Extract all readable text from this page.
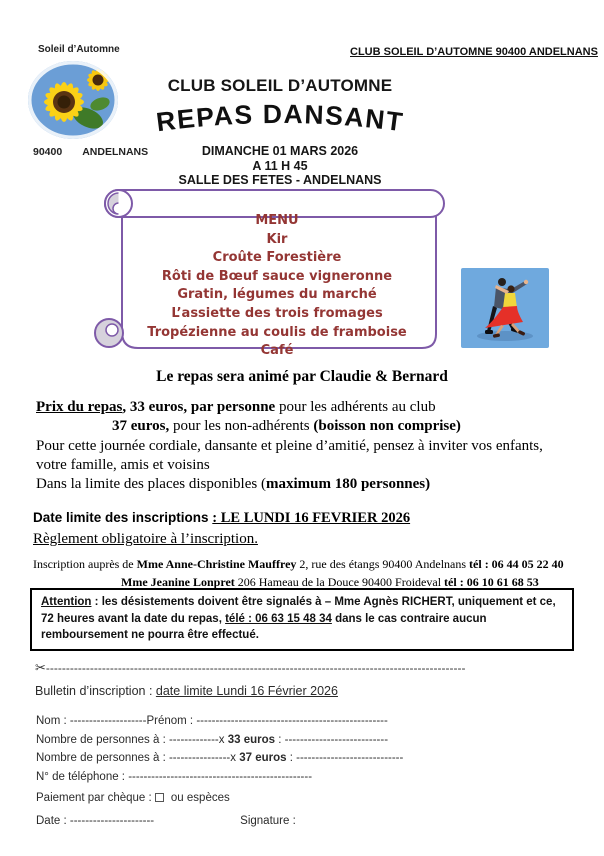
Soleil d’Automne
90400 ANDELNANS
CLUB SOLEIL D’AUTOMNE 90400 ANDELNANS
CLUB SOLEIL D’AUTOMNE
REPAS DANSANT
DIMANCHE 01 MARS 2026
A 11 H 45
SALLE DES FETES - ANDELNANS
MENU
Kir
Croûte Forestière
Rôti de Bœuf sauce vigneronne
Gratin, légumes du marché
L’assiette des trois fromages
Tropézienne au coulis de framboise
Café
Le repas sera animé par Claudie & Bernard
Prix du repas, 33 euros, par personne pour les adhérents au club
37 euros, pour les non-adhérents (boisson non comprise)
Pour cette journée cordiale, dansante et pleine d’amitié, pensez à inviter vos enfants,
votre famille, amis et voisins
Dans la limite des places disponibles (maximum 180 personnes)
Date limite des inscriptions : LE LUNDI 16 FEVRIER 2026
Règlement obligatoire à l’inscription.
Inscription auprès de Mme Anne-Christine Mauffrey 2, rue des étangs 90400 Andelnans tél : 06 44 05 22 40
Mme Jeanine Lonpret 206 Hameau de la Douce 90400 Froideval tél : 06 10 61 68 53
Attention : les désistements doivent être signalés à – Mme Agnès RICHERT, uniquement et ce, 72 heures avant la date du repas, télé : 06 63 15 48 34 dans le cas contraire aucun remboursement ne pourra être effectué.
✂---------------------------------------------------------------------------------------------------------
Bulletin d’inscription : date limite Lundi 16 Février 2026
Nom : --------------------Prénom : --------------------------------------------------
Nombre de personnes à : -------------x 33 euros : ---------------------------
Nombre de personnes à : ----------------x 37 euros : ----------------------------
N° de téléphone : ------------------------------------------------
Paiement par chèque : ou espèces
Date : ----------------------	Signature :
